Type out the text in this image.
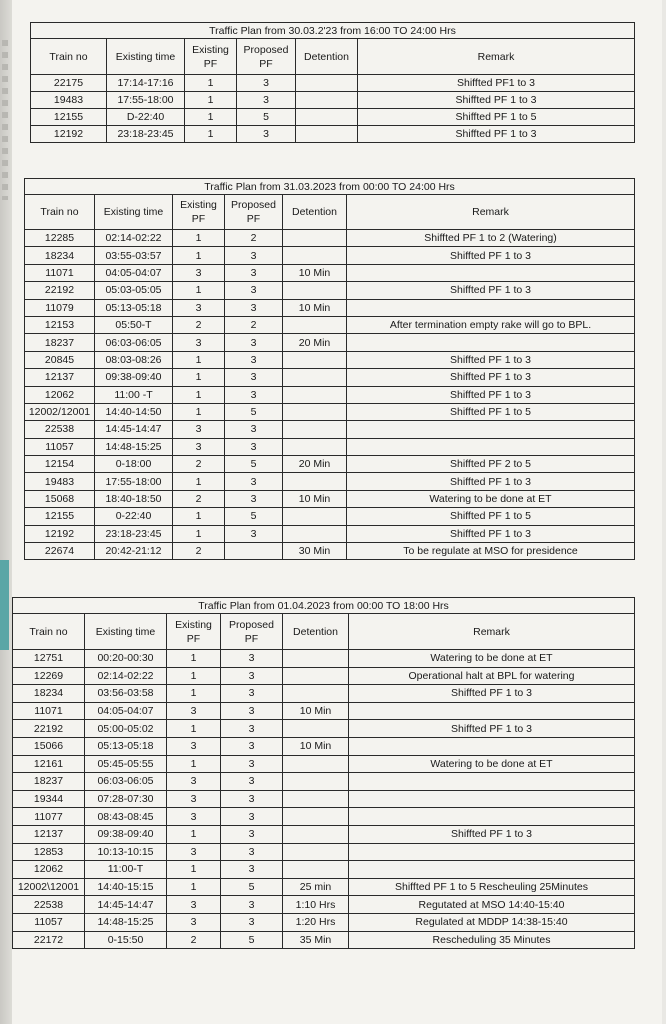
Traffic Plan from 30.03.2'23 from 16:00 TO 24:00 Hrs					
Train no	Existing time	Existing PF	Proposed PF	Detention	Remark
22175	17:14-17:16	1	3		Shiffted PF1 to 3
19483	17:55-18:00	1	3		Shiffted PF 1 to 3
12155	D-22:40	1	5		Shiffted PF 1 to 5
12192	23:18-23:45	1	3		Shiffted PF 1 to 3
Traffic Plan from 31.03.2023 from 00:00 TO 24:00 Hrs					
Train no	Existing time	Existing PF	Proposed PF	Detention	Remark
12285	02:14-02:22	1	2		Shiffted PF 1 to 2 (Watering)
18234	03:55-03:57	1	3		Shiffted PF 1 to 3
11071	04:05-04:07	3	3	10 Min	
22192	05:03-05:05	1	3		Shiffted PF 1 to 3
11079	05:13-05:18	3	3	10 Min	
12153	05:50-T	2	2		After termination empty rake will go to BPL.
18237	06:03-06:05	3	3	20 Min	
20845	08:03-08:26	1	3		Shiffted PF 1 to 3
12137	09:38-09:40	1	3		Shiffted PF 1 to 3
12062	11:00 -T	1	3		Shiffted PF 1 to 3
12002/12001	14:40-14:50	1	5		Shiffted PF 1 to 5
22538	14:45-14:47	3	3		
11057	14:48-15:25	3	3		
12154	0-18:00	2	5	20 Min	Shiffted PF 2 to 5
19483	17:55-18:00	1	3		Shiffted PF 1 to 3
15068	18:40-18:50	2	3	10 Min	Watering to be done at ET
12155	0-22:40	1	5		Shiffted PF 1 to 5
12192	23:18-23:45	1	3		Shiffted PF 1 to 3
22674	20:42-21:12	2		30 Min	To be regulate at MSO for presidence
Traffic Plan from 01.04.2023 from 00:00 TO 18:00 Hrs					
Train no	Existing time	Existing PF	Proposed PF	Detention	Remark
12751	00:20-00:30	1	3		Watering to be done at ET
12269	02:14-02:22	1	3		Operational halt at BPL for watering
18234	03:56-03:58	1	3		Shiffted PF 1 to 3
11071	04:05-04:07	3	3	10 Min	
22192	05:00-05:02	1	3		Shiffted PF 1 to 3
15066	05:13-05:18	3	3	10 Min	
12161	05:45-05:55	1	3		Watering to be done at ET
18237	06:03-06:05	3	3		
19344	07:28-07:30	3	3		
11077	08:43-08:45	3	3		
12137	09:38-09:40	1	3		Shiffted PF 1 to 3
12853	10:13-10:15	3	3		
12062	11:00-T	1	3		
12002\12001	14:40-15:15	1	5	25 min	Shiffted PF 1 to 5 Rescheuling 25Minutes
22538	14:45-14:47	3	3	1:10 Hrs	Regutated at MSO 14:40-15:40
11057	14:48-15:25	3	3	1:20 Hrs	Regulated at MDDP 14:38-15:40
22172	0-15:50	2	5	35 Min	Rescheduling 35 Minutes
